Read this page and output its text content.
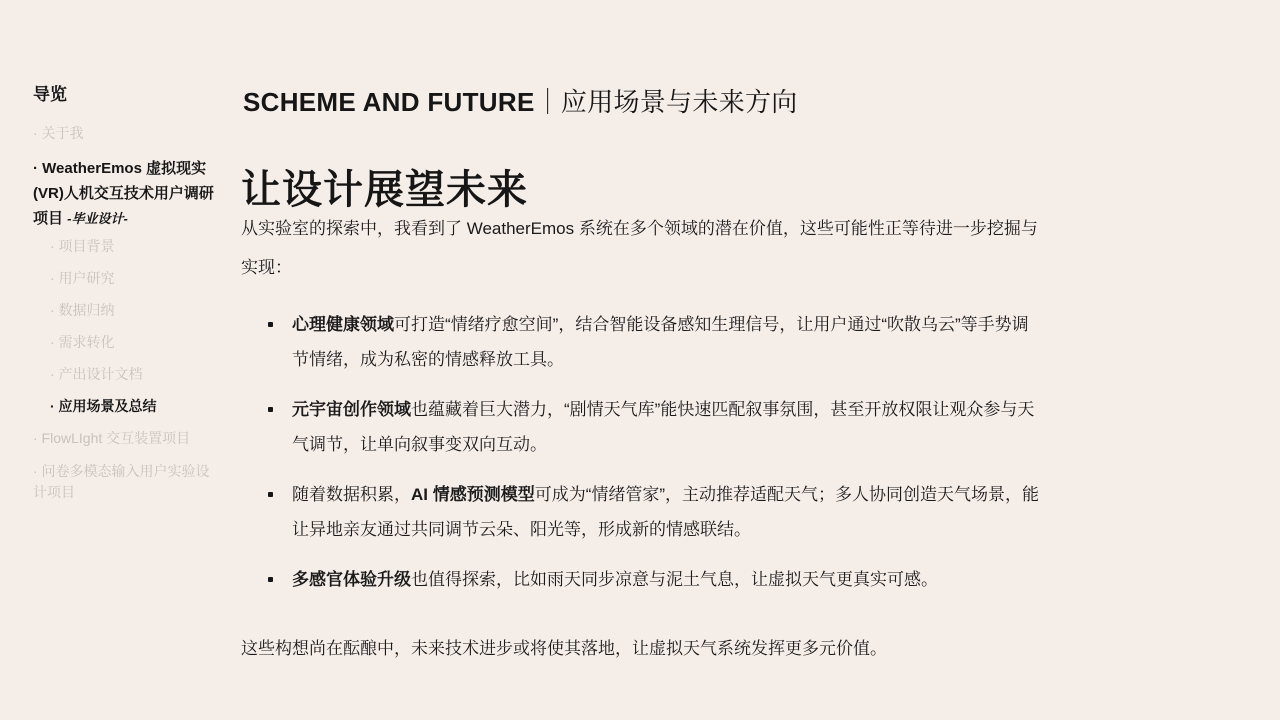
导览
· 关于我
· WeatherEmos 虚拟现实(VR)人机交互技术用户调研项目 -毕业设计-
· 项目背景
· 用户研究
· 数据归纳
· 需求转化
· 产出设计文档
· 应用场景及总结
· FlowLIght 交互装置项目
· 问卷多模态输入用户实验设计项目
SCHEME AND FUTURE｜应用场景与未来方向
让设计展望未来

从实验室的探索中，我看到了 WeatherEmos 系统在多个领域的潜在价值，这些可能性正等待进一步挖掘与实现：

心理健康领域可打造“情绪疗愈空间”，结合智能设备感知生理信号，让用户通过“吹散乌云”等手势调节情绪，成为私密的情感释放工具。
元宇宙创作领域也蕴藏着巨大潜力，“剧情天气库”能快速匹配叙事氛围，甚至开放权限让观众参与天气调节，让单向叙事变双向互动。
随着数据积累，AI 情感预测模型可成为“情绪管家”，主动推荐适配天气；多人协同创造天气场景，能让异地亲友通过共同调节云朵、阳光等，形成新的情感联结。
多感官体验升级也值得探索，比如雨天同步凉意与泥土气息，让虚拟天气更真实可感。

这些构想尚在酝酿中，未来技术进步或将使其落地，让虚拟天气系统发挥更多元价值。
